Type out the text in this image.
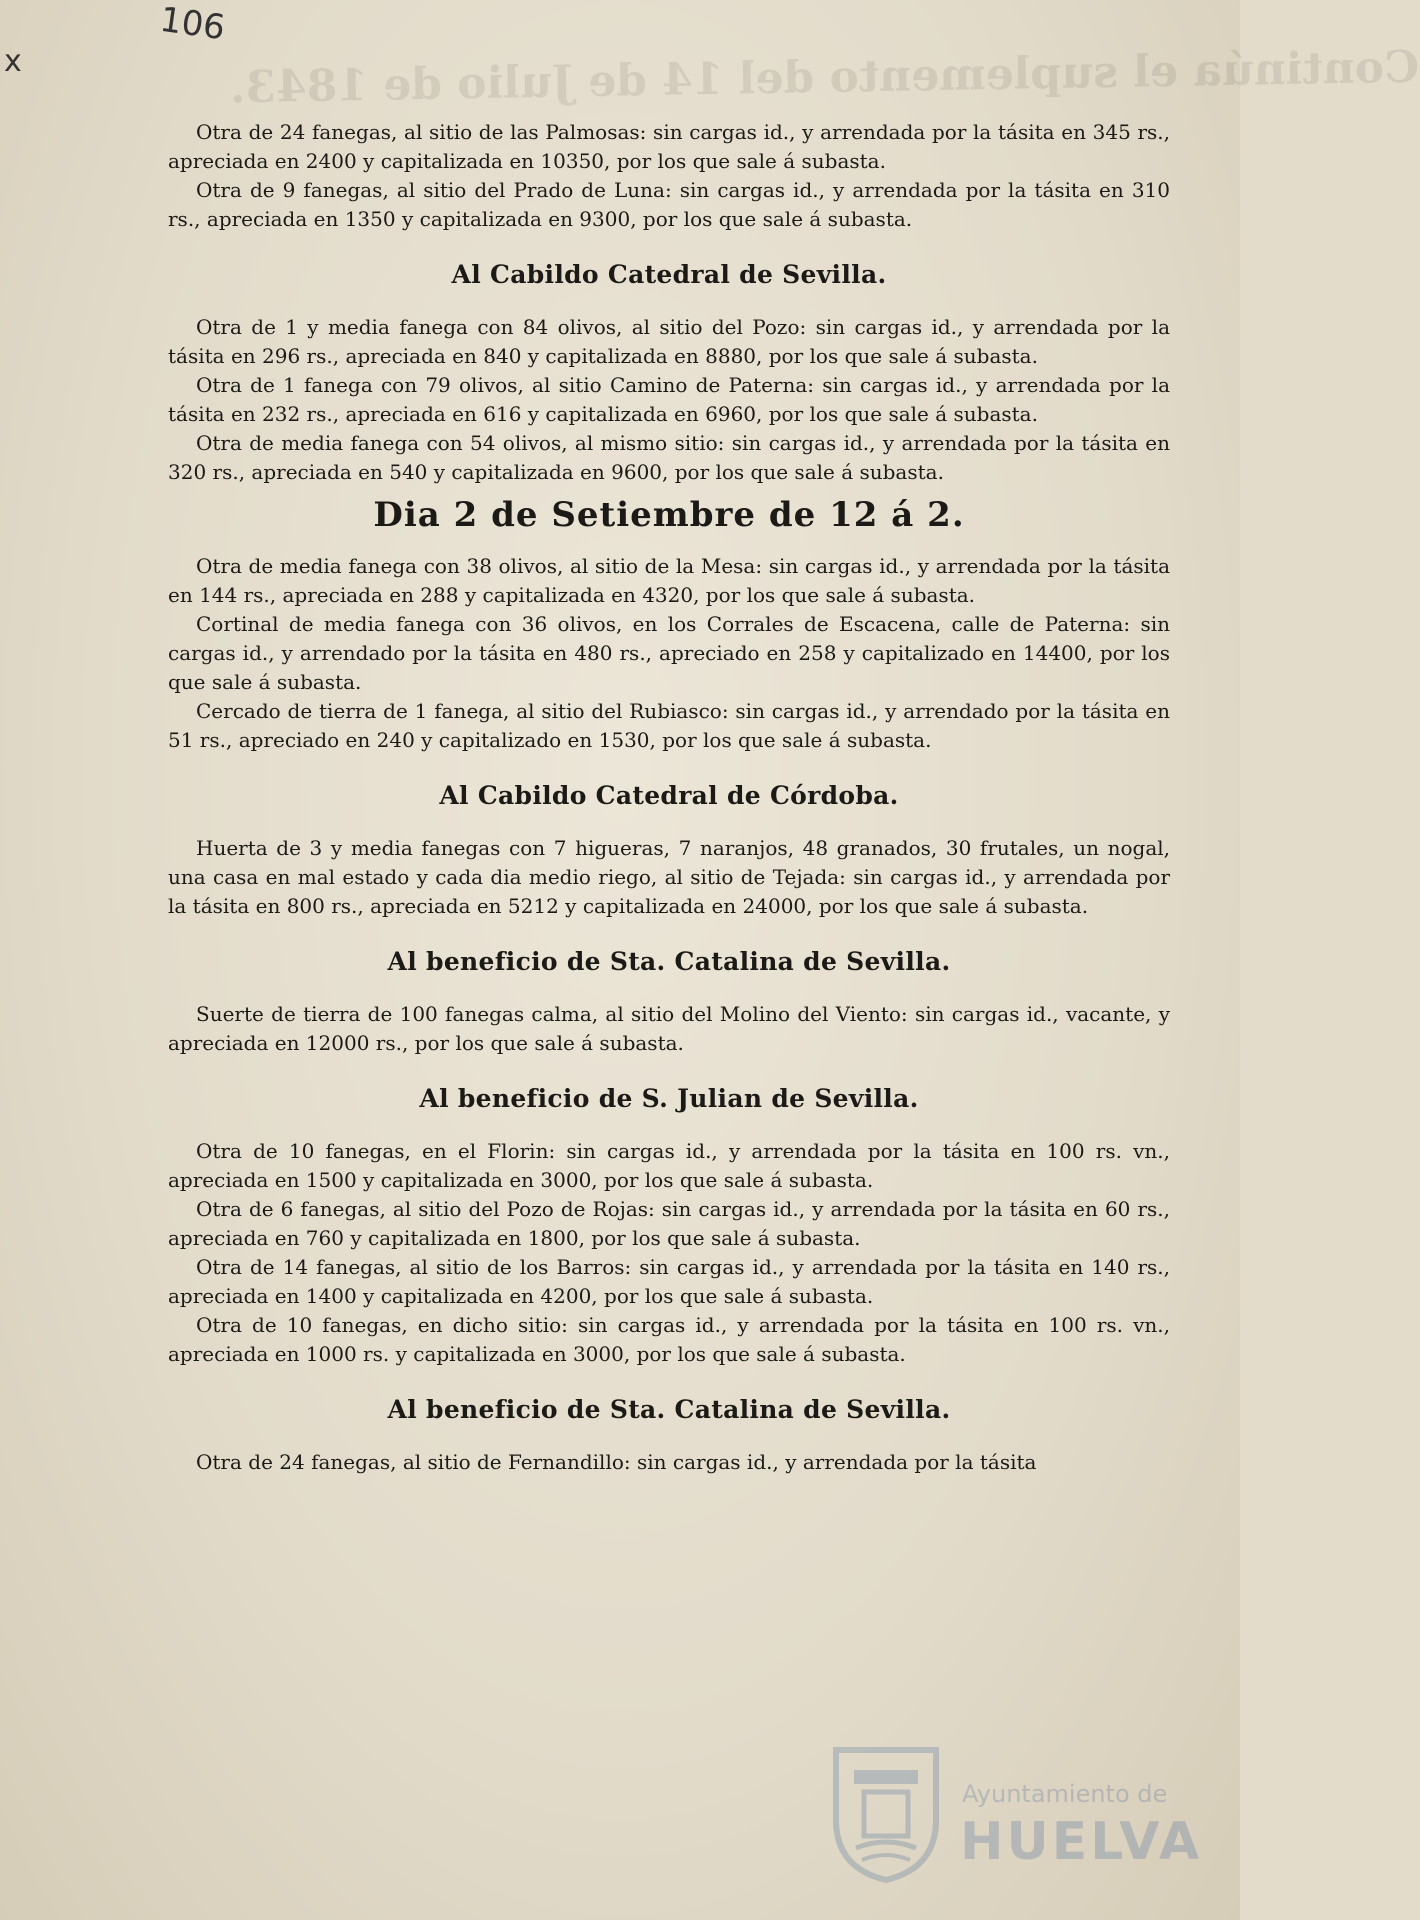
x
106
Continúa el suplemento del 14 de Julio de 1843.

Otra de 24 fanegas, al sitio de las Palmosas: sin cargas id., y arrendada por la tásita en 345 rs., apreciada en 2400 y capitalizada en 10350, por los que sale á subasta.

Otra de 9 fanegas, al sitio del Prado de Luna: sin cargas id., y arrendada por la tásita en 310 rs., apreciada en 1350 y capitalizada en 9300, por los que sale á subasta.

Al Cabildo Catedral de Sevilla.

Otra de 1 y media fanega con 84 olivos, al sitio del Pozo: sin cargas id., y arrendada por la tásita en 296 rs., apreciada en 840 y capitalizada en 8880, por los que sale á subasta.

Otra de 1 fanega con 79 olivos, al sitio Camino de Paterna: sin cargas id., y arrendada por la tásita en 232 rs., apreciada en 616 y capitalizada en 6960, por los que sale á subasta.

Otra de media fanega con 54 olivos, al mismo sitio: sin cargas id., y arrendada por la tásita en 320 rs., apreciada en 540 y capitalizada en 9600, por los que sale á subasta.

Dia 2 de Setiembre de 12 á 2.

Otra de media fanega con 38 olivos, al sitio de la Mesa: sin cargas id., y arrendada por la tásita en 144 rs., apreciada en 288 y capitalizada en 4320, por los que sale á subasta.

Cortinal de media fanega con 36 olivos, en los Corrales de Escacena, calle de Paterna: sin cargas id., y arrendado por la tásita en 480 rs., apreciado en 258 y capitalizado en 14400, por los que sale á subasta.

Cercado de tierra de 1 fanega, al sitio del Rubiasco: sin cargas id., y arrendado por la tásita en 51 rs., apreciado en 240 y capitalizado en 1530, por los que sale á subasta.

Al Cabildo Catedral de Córdoba.

Huerta de 3 y media fanegas con 7 higueras, 7 naranjos, 48 granados, 30 frutales, un nogal, una casa en mal estado y cada dia medio riego, al sitio de Tejada: sin cargas id., y arrendada por la tásita en 800 rs., apreciada en 5212 y capitalizada en 24000, por los que sale á subasta.

Al beneficio de Sta. Catalina de Sevilla.

Suerte de tierra de 100 fanegas calma, al sitio del Molino del Viento: sin cargas id., vacante, y apreciada en 12000 rs., por los que sale á subasta.

Al beneficio de S. Julian de Sevilla.

Otra de 10 fanegas, en el Florin: sin cargas id., y arrendada por la tásita en 100 rs. vn., apreciada en 1500 y capitalizada en 3000, por los que sale á subasta.

Otra de 6 fanegas, al sitio del Pozo de Rojas: sin cargas id., y arrendada por la tásita en 60 rs., apreciada en 760 y capitalizada en 1800, por los que sale á subasta.

Otra de 14 fanegas, al sitio de los Barros: sin cargas id., y arrendada por la tásita en 140 rs., apreciada en 1400 y capitalizada en 4200, por los que sale á subasta.

Otra de 10 fanegas, en dicho sitio: sin cargas id., y arrendada por la tásita en 100 rs. vn., apreciada en 1000 rs. y capitalizada en 3000, por los que sale á subasta.

Al beneficio de Sta. Catalina de Sevilla.

Otra de 24 fanegas, al sitio de Fernandillo: sin cargas id., y arrendada por la tásita

Ayuntamiento de
HUELVA
